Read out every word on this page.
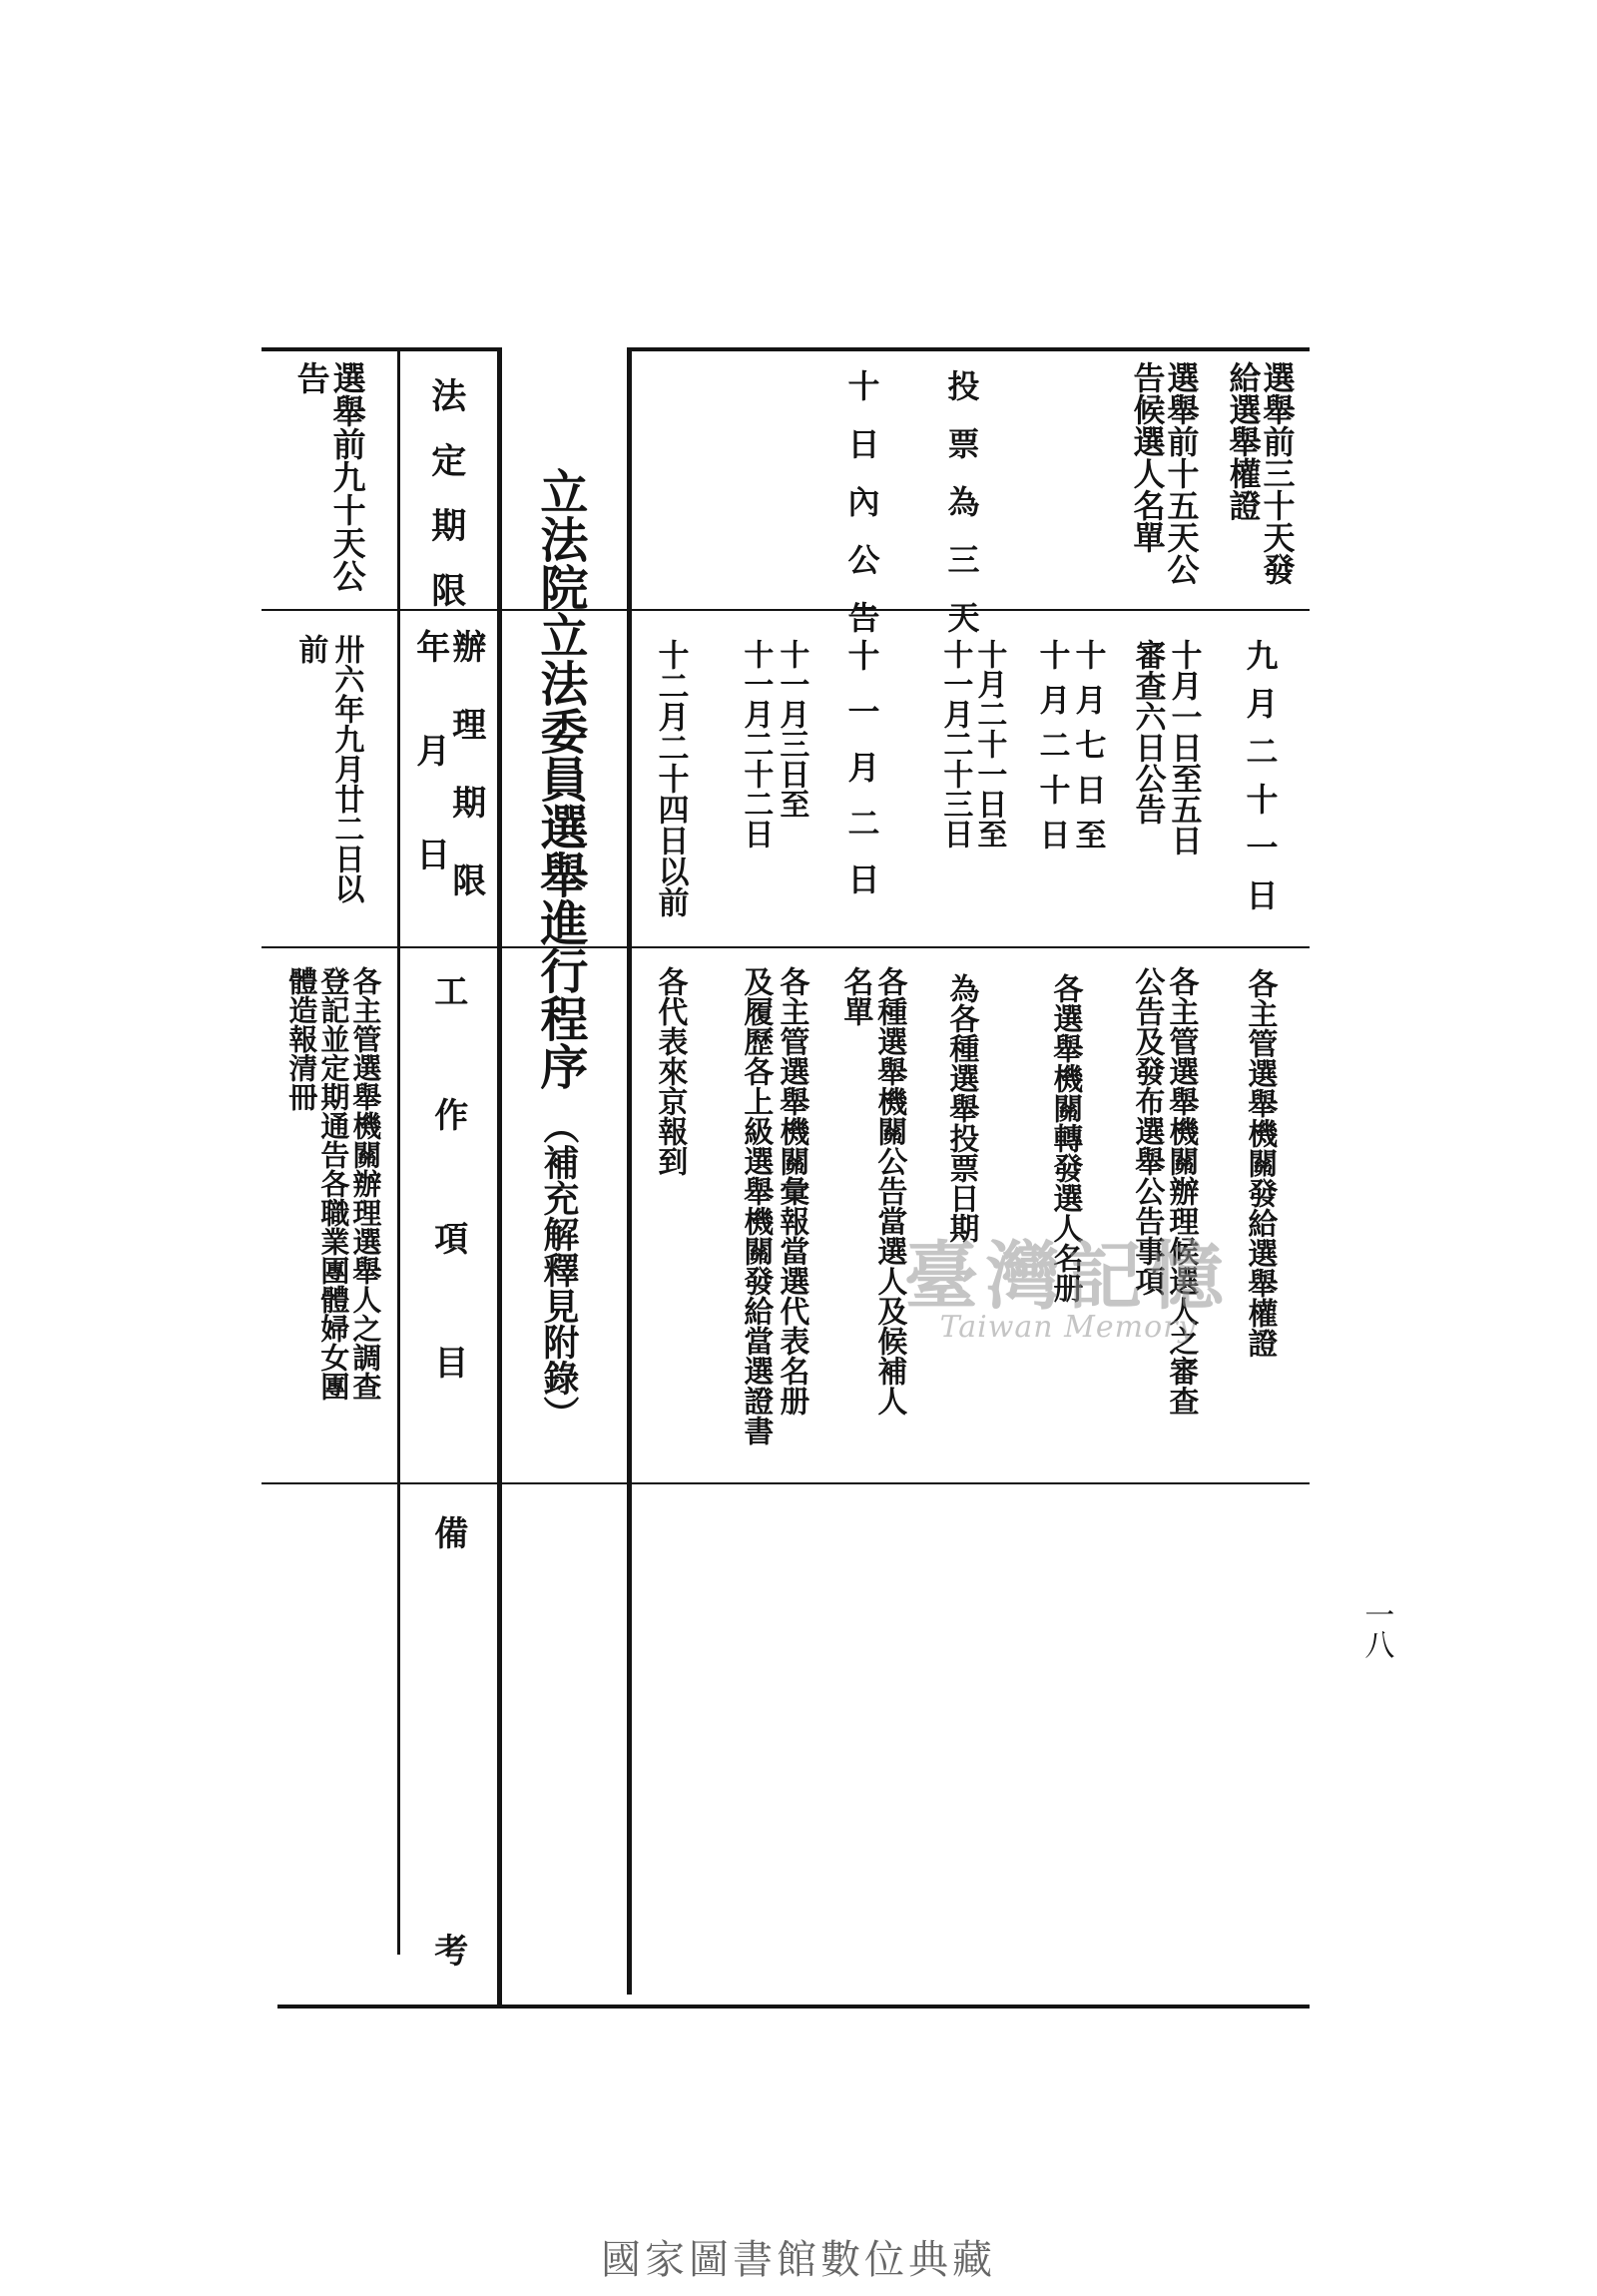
一八
立法院立法委員選舉進行程序
（補充解釋見附錄）
法定期限
辦理期限
年月日
工作項目
備
考
選舉前九十天公
告
卅六年九月廿二日以
前
各主管選舉機關辦理選舉人之調查
登記並定期通告各職業團體婦女團
體造報清冊
選舉前三十天發
給選舉權證
九月二十一日
各主管選舉機關發給選舉權證
選舉前十五天公
告候選人名單
十月一日至五日
審查六日公告
各主管選舉機關辦理候選人之審查
公告及發布選舉公告事項
十月七日至
十月二十日
各選舉機關轉發選人名册
投票為三天
十月二十一日至
十一月二十三日
為各種選舉投票日期
十日內公告
十一月二日
各種選舉機關公告當選人及候補人
名單
十一月三日至
十一月二十二日
各主管選舉機關彙報當選代表名册
及履歷各上級選舉機關發給當選證書
十二月二十四日以前
各代表來京報到
臺灣記憶
Taiwan Memory
國家圖書館數位典藏
